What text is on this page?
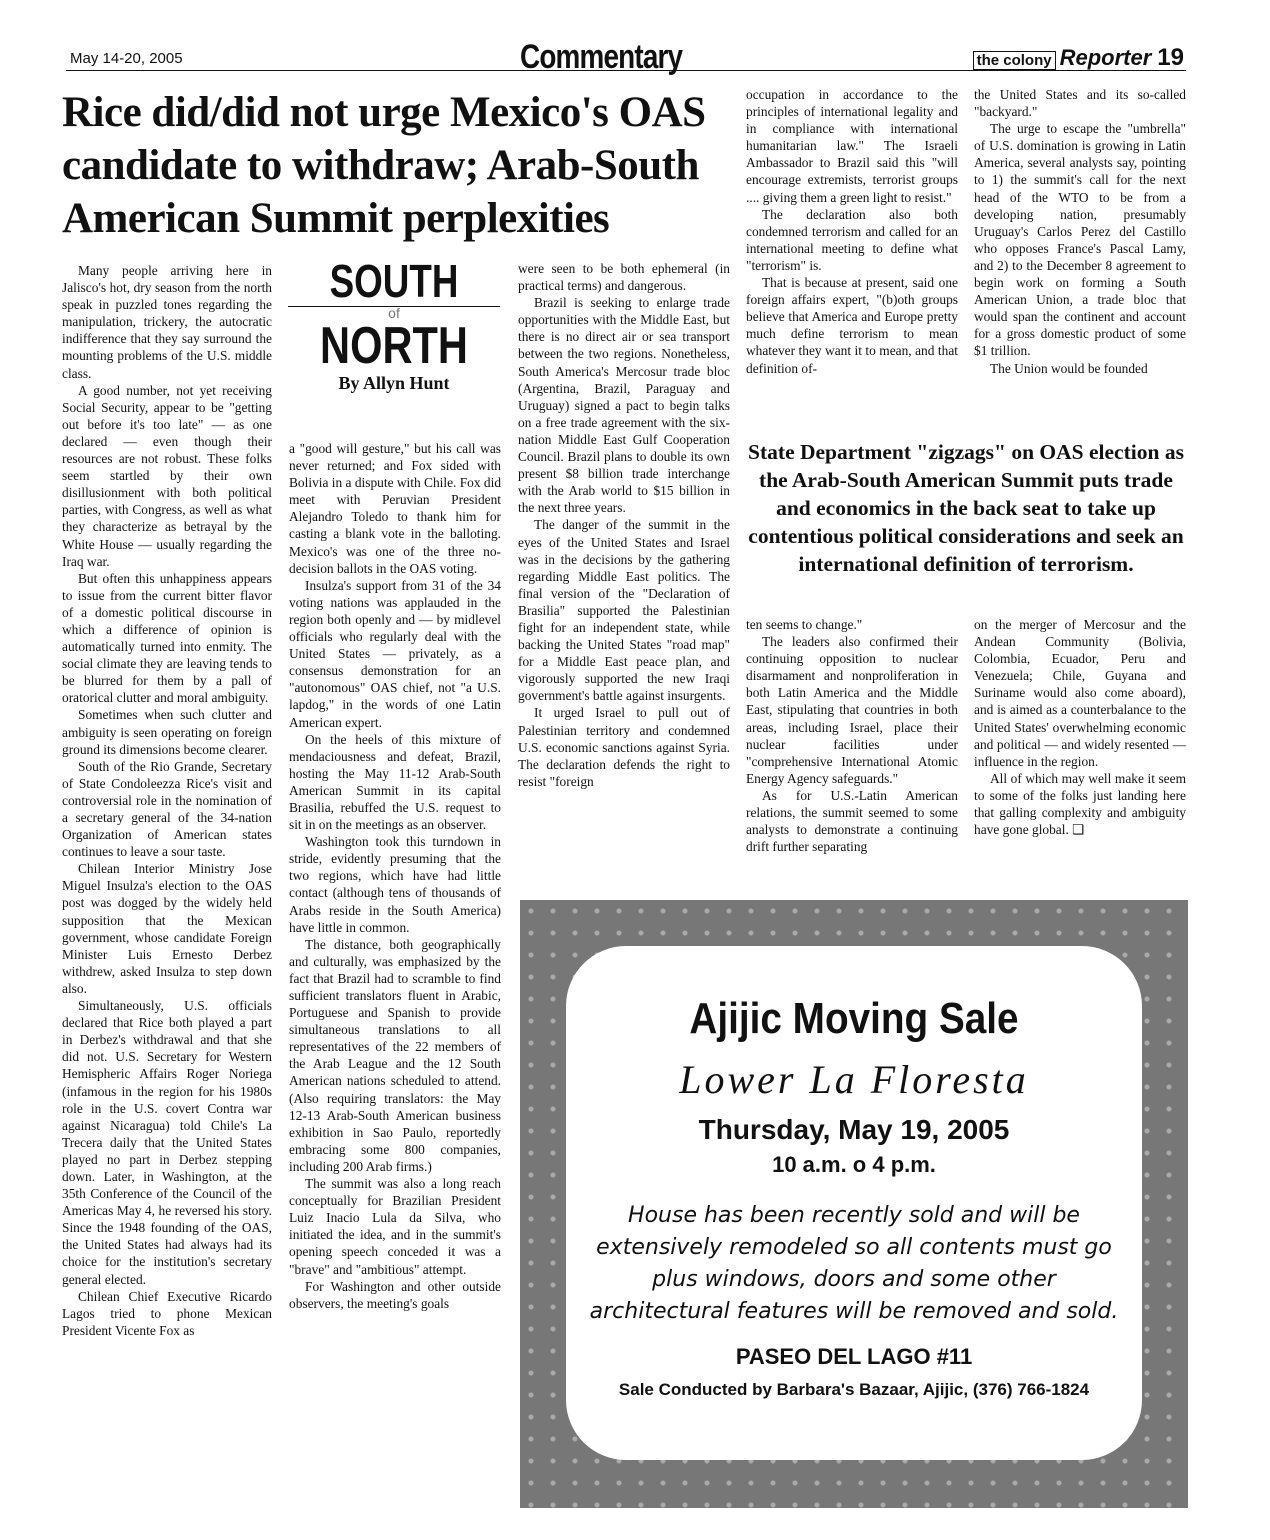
May 14-20, 2005	Commentary	the colony Reporter 19
Rice did/did not urge Mexico's OAS candidate to withdraw; Arab-South American Summit perplexities
SOUTH
of
NORTH
By Allyn Hunt

Many people arriving here in Jalisco's hot, dry season from the north speak in puzzled tones regarding the manipulation, trickery, the autocratic indifference that they say surround the mounting problems of the U.S. middle class.

A good number, not yet receiving Social Security, appear to be "getting out before it's too late" — as one declared — even though their resources are not robust. These folks seem startled by their own disillusionment with both political parties, with Congress, as well as what they characterize as betrayal by the White House — usually regarding the Iraq war.

But often this unhappiness appears to issue from the current bitter flavor of a domestic political discourse in which a difference of opinion is automatically turned into enmity. The social climate they are leaving tends to be blurred for them by a pall of oratorical clutter and moral ambiguity.

Sometimes when such clutter and ambiguity is seen operating on foreign ground its dimensions become clearer.

South of the Rio Grande, Secretary of State Condoleezza Rice's visit and controversial role in the nomination of a secretary general of the 34-nation Organization of American states continues to leave a sour taste.

Chilean Interior Ministry Jose Miguel Insulza's election to the OAS post was dogged by the widely held supposition that the Mexican government, whose candidate Foreign Minister Luis Ernesto Derbez withdrew, asked Insulza to step down also.

Simultaneously, U.S. officials declared that Rice both played a part in Derbez's withdrawal and that she did not. U.S. Secretary for Western Hemispheric Affairs Roger Noriega (infamous in the region for his 1980s role in the U.S. covert Contra war against Nicaragua) told Chile's La Trecera daily that the United States played no part in Derbez stepping down. Later, in Washington, at the 35th Conference of the Council of the Americas May 4, he reversed his story. Since the 1948 founding of the OAS, the United States had always had its choice for the institution's secretary general elected.

Chilean Chief Executive Ricardo Lagos tried to phone Mexican President Vicente Fox as

a "good will gesture," but his call was never returned; and Fox sided with Bolivia in a dispute with Chile. Fox did meet with Peruvian President Alejandro Toledo to thank him for casting a blank vote in the balloting. Mexico's was one of the three no-decision ballots in the OAS voting.

Insulza's support from 31 of the 34 voting nations was applauded in the region both openly and — by midlevel officials who regularly deal with the United States — privately, as a consensus demonstration for an "autonomous" OAS chief, not "a U.S. lapdog," in the words of one Latin American expert.

On the heels of this mixture of mendaciousness and defeat, Brazil, hosting the May 11-12 Arab-South American Summit in its capital Brasilia, rebuffed the U.S. request to sit in on the meetings as an observer.

Washington took this turndown in stride, evidently presuming that the two regions, which have had little contact (although tens of thousands of Arabs reside in the South America) have little in common.

The distance, both geographically and culturally, was emphasized by the fact that Brazil had to scramble to find sufficient translators fluent in Arabic, Portuguese and Spanish to provide simultaneous translations to all representatives of the 22 members of the Arab League and the 12 South American nations scheduled to attend. (Also requiring translators: the May 12-13 Arab-South American business exhibition in Sao Paulo, reportedly embracing some 800 companies, including 200 Arab firms.)

The summit was also a long reach conceptually for Brazilian President Luiz Inacio Lula da Silva, who initiated the idea, and in the summit's opening speech conceded it was a "brave" and "ambitious" attempt.

For Washington and other outside observers, the meeting's goals

were seen to be both ephemeral (in practical terms) and dangerous.

Brazil is seeking to enlarge trade opportunities with the Middle East, but there is no direct air or sea transport between the two regions. Nonetheless, South America's Mercosur trade bloc (Argentina, Brazil, Paraguay and Uruguay) signed a pact to begin talks on a free trade agreement with the six-nation Middle East Gulf Cooperation Council. Brazil plans to double its own present $8 billion trade interchange with the Arab world to $15 billion in the next three years.

The danger of the summit in the eyes of the United States and Israel was in the decisions by the gathering regarding Middle East politics. The final version of the "Declaration of Brasilia" supported the Palestinian fight for an independent state, while backing the United States "road map" for a Middle East peace plan, and vigorously supported the new Iraqi government's battle against insurgents.

It urged Israel to pull out of Palestinian territory and condemned U.S. economic sanctions against Syria. The declaration defends the right to resist "foreign

occupation in accordance to the principles of international legality and in compliance with international humanitarian law." The Israeli Ambassador to Brazil said this "will encourage extremists, terrorist groups .... giving them a green light to resist."

The declaration also both condemned terrorism and called for an international meeting to define what "terrorism" is.

That is because at present, said one foreign affairs expert, "(b)oth groups believe that America and Europe pretty much define terrorism to mean whatever they want it to mean, and that definition of-

the United States and its so-called "backyard."

The urge to escape the "umbrella" of U.S. domination is growing in Latin America, several analysts say, pointing to 1) the summit's call for the next head of the WTO to be from a developing nation, presumably Uruguay's Carlos Perez del Castillo who opposes France's Pascal Lamy, and 2) to the December 8 agreement to begin work on forming a South American Union, a trade bloc that would span the continent and account for a gross domestic product of some $1 trillion.

The Union would be founded

State Department "zigzags" on OAS election as the Arab-South American Summit puts trade and economics in the back seat to take up contentious political considerations and seek an international definition of terrorism.

ten seems to change."

The leaders also confirmed their continuing opposition to nuclear disarmament and nonproliferation in both Latin America and the Middle East, stipulating that countries in both areas, including Israel, place their nuclear facilities under "comprehensive International Atomic Energy Agency safeguards."

As for U.S.-Latin American relations, the summit seemed to some analysts to demonstrate a continuing drift further separating

on the merger of Mercosur and the Andean Community (Bolivia, Colombia, Ecuador, Peru and Venezuela; Chile, Guyana and Suriname would also come aboard), and is aimed as a counterbalance to the United States' overwhelming economic and political — and widely resented — influence in the region.

All of which may well make it seem to some of the folks just landing here that galling complexity and ambiguity have gone global. ❑

Ajijic Moving Sale
Lower La Floresta
Thursday, May 19, 2005
10 a.m. o 4 p.m.
House has been recently sold and will be extensively remodeled so all contents must go plus windows, doors and some other architectural features will be removed and sold.
PASEO DEL LAGO #11
Sale Conducted by Barbara's Bazaar, Ajijic, (376) 766-1824
